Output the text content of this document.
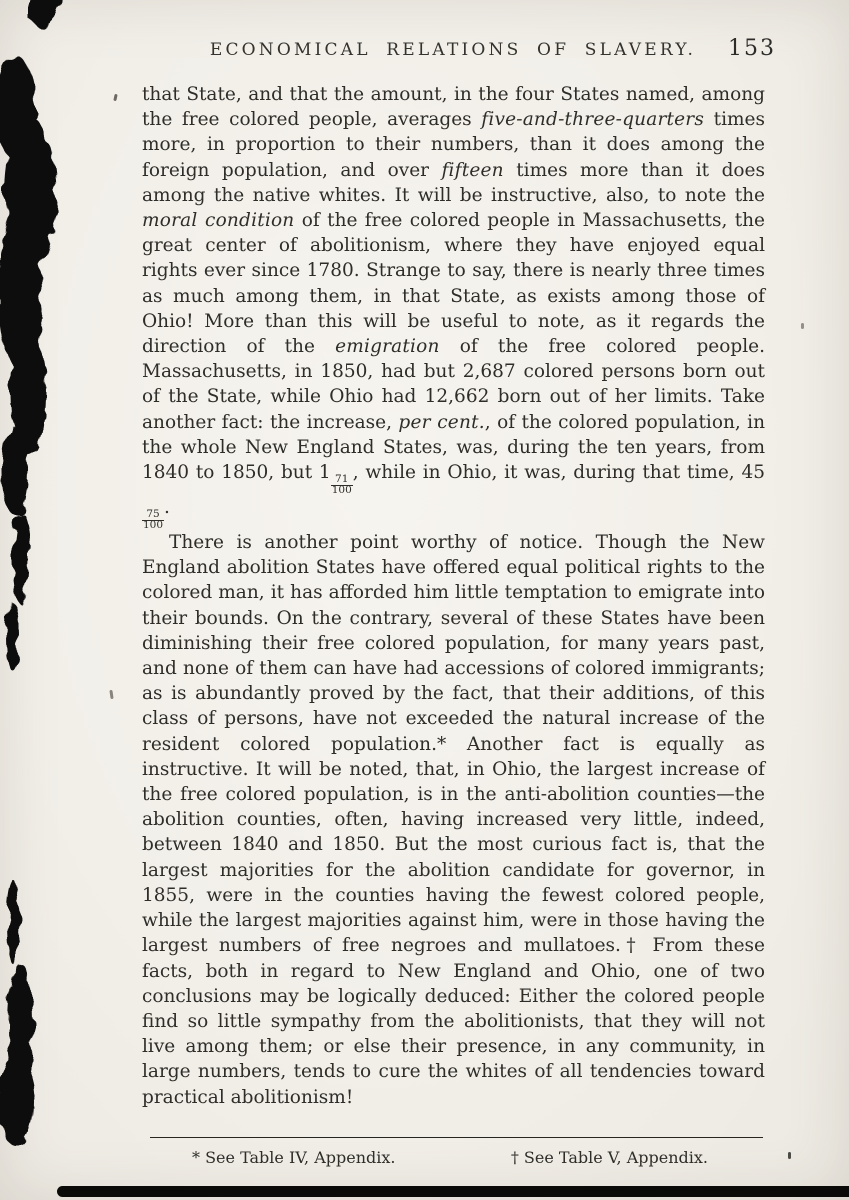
ECONOMICAL RELATIONS OF SLAVERY.	153

that State, and that the amount, in the four States named, among the free colored people, averages five-and-three-quarters times more, in proportion to their numbers, than it does among the foreign population, and over fifteen times more than it does among the native whites. It will be instructive, also, to note the moral condition of the free colored people in Massachusetts, the great center of abolitionism, where they have enjoyed equal rights ever since 1780. Strange to say, there is nearly three times as much among them, in that State, as exists among those of Ohio! More than this will be useful to note, as it regards the direction of the emigration of the free colored people. Massachusetts, in 1850, had but 2,687 colored persons born out of the State, while Ohio had 12,662 born out of her limits. Take another fact: the increase, per cent., of the colored population, in the whole New England States, was, during the ten years, from 1840 to 1850, but 1
$\frac{71}{100}$
, while in Ohio, it was, during that time, 45
$\frac{75}{100}$
.

There is another point worthy of notice. Though the New England abolition States have offered equal political rights to the colored man, it has afforded him little temptation to emigrate into their bounds. On the contrary, several of these States have been diminishing their free colored population, for many years past, and none of them can have had accessions of colored immigrants; as is abundantly proved by the fact, that their additions, of this class of persons, have not exceeded the natural increase of the resident colored population.* Another fact is equally as instructive. It will be noted, that, in Ohio, the largest increase of the free colored population, is in the anti-abolition counties—the abolition counties, often, having increased very little, indeed, between 1840 and 1850. But the most curious fact is, that the largest majorities for the abolition candidate for governor, in 1855, were in the counties having the fewest colored people, while the largest majorities against him, were in those having the largest numbers of free negroes and mullatoes.† From these facts, both in regard to New England and Ohio, one of two conclusions may be logically deduced: Either the colored people find so little sympathy from the abolitionists, that they will not live among them; or else their presence, in any community, in large numbers, tends to cure the whites of all tendencies toward practical abolitionism!

* See Table IV, Appendix.	† See Table V, Appendix.
